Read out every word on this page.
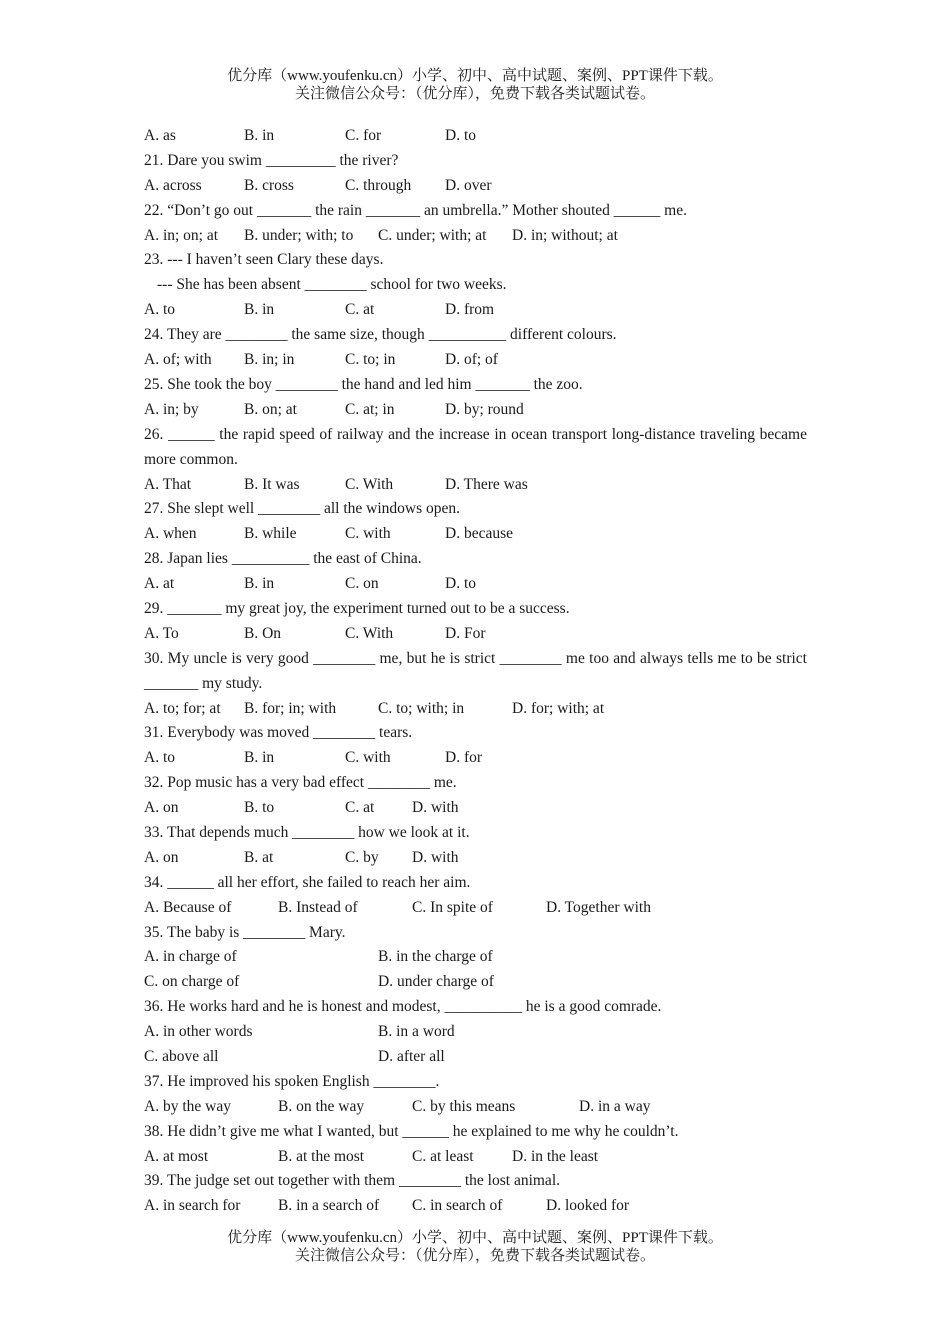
优分库（www.youfenku.cn）小学、初中、高中试题、案例、PPT课件下载。
关注微信公众号：（优分库），免费下载各类试题试卷。
A. as	B. in	C. for	D. to
21. Dare you swim _________ the river?
A. across	B. cross	C. through D. over
22. “Don’t go out _______ the rain _______ an umbrella.” Mother shouted ______ me.
A. in; on; at B. under; with; to C. under; with; at D. in; without; at
23. --- I haven’t seen Clary these days.
--- She has been absent ________ school for two weeks.
A. to	B. in	C. at	D. from
24. They are ________ the same size, though __________ different colours.
A. of; with B. in; in	C. to; in	D. of; of
25. She took the boy ________ the hand and led him _______ the zoo.
A. in; by	B. on; at	C. at; in	D. by; round
26. ______ the rapid speed of railway and the increase in ocean transport long-distance traveling became more common.
A. That	B. It was	C. With	D. There was
27. She slept well ________ all the windows open.
A. when	B. while	C. with	D. because
28. Japan lies __________ the east of China.
A. at	B. in	C. on	D. to
29. _______ my great joy, the experiment turned out to be a success.
A. To	B. On	C. With	D. For
30. My uncle is very good ________ me, but he is strict ________ me too and always tells me to be strict _______ my study.
A. to; for; at B. for; in; with	C. to; with; in	D. for; with; at
31. Everybody was moved ________ tears.
A. to	B. in	C. with	D. for
32. Pop music has a very bad effect ________ me.
A. on	B. to	C. at D. with
33. That depends much ________ how we look at it.
A. on	B. at	C. by D. with
34. ______ all her effort, she failed to reach her aim.
A. Because of	B. Instead of	C. In spite of	D. Together with
35. The baby is ________ Mary.
A. in charge of	B. in the charge of
C. on charge of	D. under charge of
36. He works hard and he is honest and modest, __________ he is a good comrade.
A. in other words	B. in a word
C. above all	D. after all
37. He improved his spoken English ________.
A. by the way	B. on the way	C. by this means	D. in a way
38. He didn’t give me what I wanted, but ______ he explained to me why he couldn’t.
A. at most	B. at the most	C. at least D. in the least
39. The judge set out together with them ________ the lost animal.
A. in search for B. in a search of C. in search of	D. looked for
优分库（www.youfenku.cn）小学、初中、高中试题、案例、PPT课件下载。
关注微信公众号：（优分库），免费下载各类试题试卷。
